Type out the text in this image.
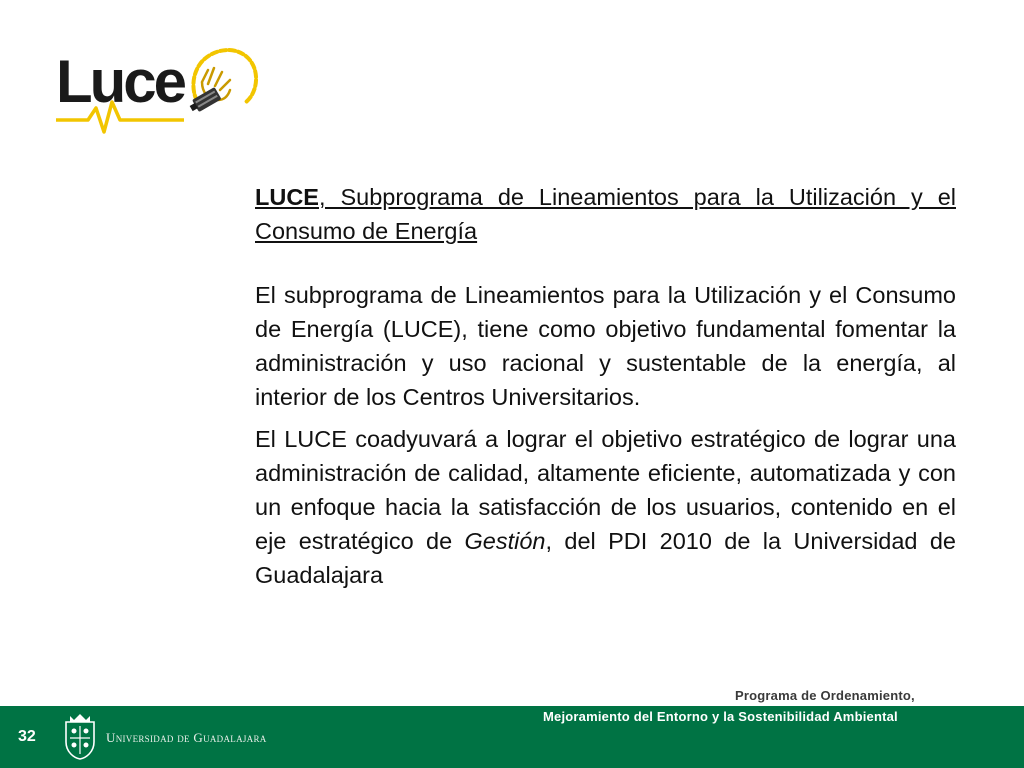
Luce

LUCE, Subprograma de Lineamientos para la Utilización y el Consumo de Energía

El subprograma de Lineamientos para la Utilización y el Consumo de Energía (LUCE), tiene como objetivo fundamental fomentar la administración y uso racional y sustentable de la energía, al interior de los Centros Universitarios.

El LUCE coadyuvará a lograr el objetivo estratégico de lograr una administración de calidad, altamente eficiente, automatizada y con un enfoque hacia la satisfacción de los usuarios, contenido en el eje estratégico de Gestión, del PDI 2010 de la Universidad de Guadalajara

Programa de Ordenamiento,
32	Universidad de Guadalajara
Mejoramiento del Entorno y la Sostenibilidad Ambiental
